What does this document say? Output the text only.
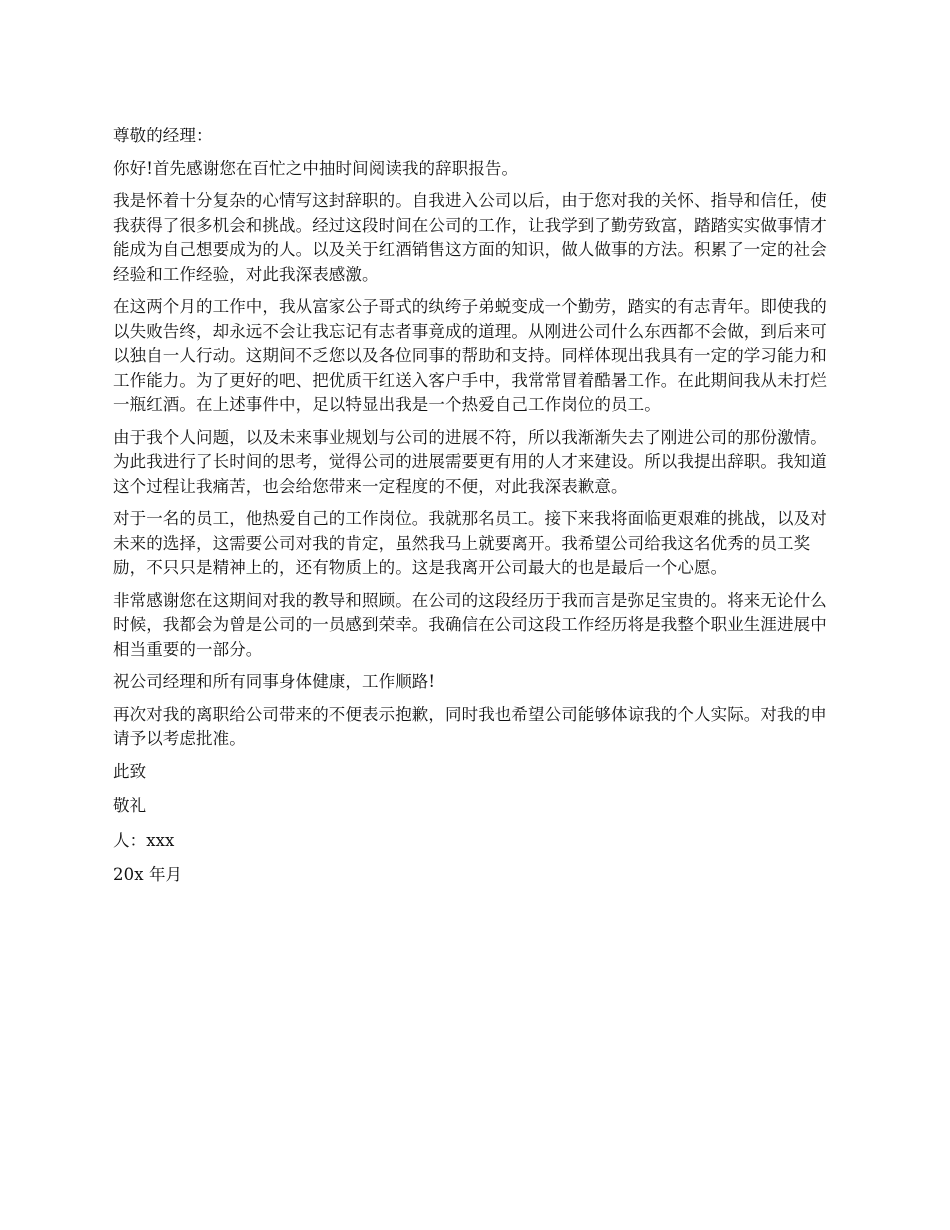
尊敬的经理：

你好!首先感谢您在百忙之中抽时间阅读我的辞职报告。

我是怀着十分复杂的心情写这封辞职的。自我进入公司以后，由于您对我的关怀、指导和信任，使我获得了很多机会和挑战。经过这段时间在公司的工作，让我学到了勤劳致富，踏踏实实做事情才能成为自己想要成为的人。以及关于红酒销售这方面的知识，做人做事的方法。积累了一定的社会经验和工作经验，对此我深表感激。

在这两个月的工作中，我从富家公子哥式的纨绔子弟蜕变成一个勤劳，踏实的有志青年。即使我的以失败告终，却永远不会让我忘记有志者事竟成的道理。从刚进公司什么东西都不会做，到后来可以独自一人行动。这期间不乏您以及各位同事的帮助和支持。同样体现出我具有一定的学习能力和工作能力。为了更好的吧、把优质干红送入客户手中，我常常冒着酷暑工作。在此期间我从未打烂一瓶红酒。在上述事件中，足以特显出我是一个热爱自己工作岗位的员工。

由于我个人问题，以及未来事业规划与公司的进展不符，所以我渐渐失去了刚进公司的那份激情。为此我进行了长时间的思考，觉得公司的进展需要更有用的人才来建设。所以我提出辞职。我知道这个过程让我痛苦，也会给您带来一定程度的不便，对此我深表歉意。

对于一名的员工，他热爱自己的工作岗位。我就那名员工。接下来我将面临更艰难的挑战，以及对未来的选择，这需要公司对我的肯定，虽然我马上就要离开。我希望公司给我这名优秀的员工奖励，不只只是精神上的，还有物质上的。这是我离开公司最大的也是最后一个心愿。

非常感谢您在这期间对我的教导和照顾。在公司的这段经历于我而言是弥足宝贵的。将来无论什么时候，我都会为曾是公司的一员感到荣幸。我确信在公司这段工作经历将是我整个职业生涯进展中相当重要的一部分。

祝公司经理和所有同事身体健康，工作顺路!

再次对我的离职给公司带来的不便表示抱歉，同时我也希望公司能够体谅我的个人实际。对我的申请予以考虑批准。

此致

敬礼

人：xxx

20x 年月
